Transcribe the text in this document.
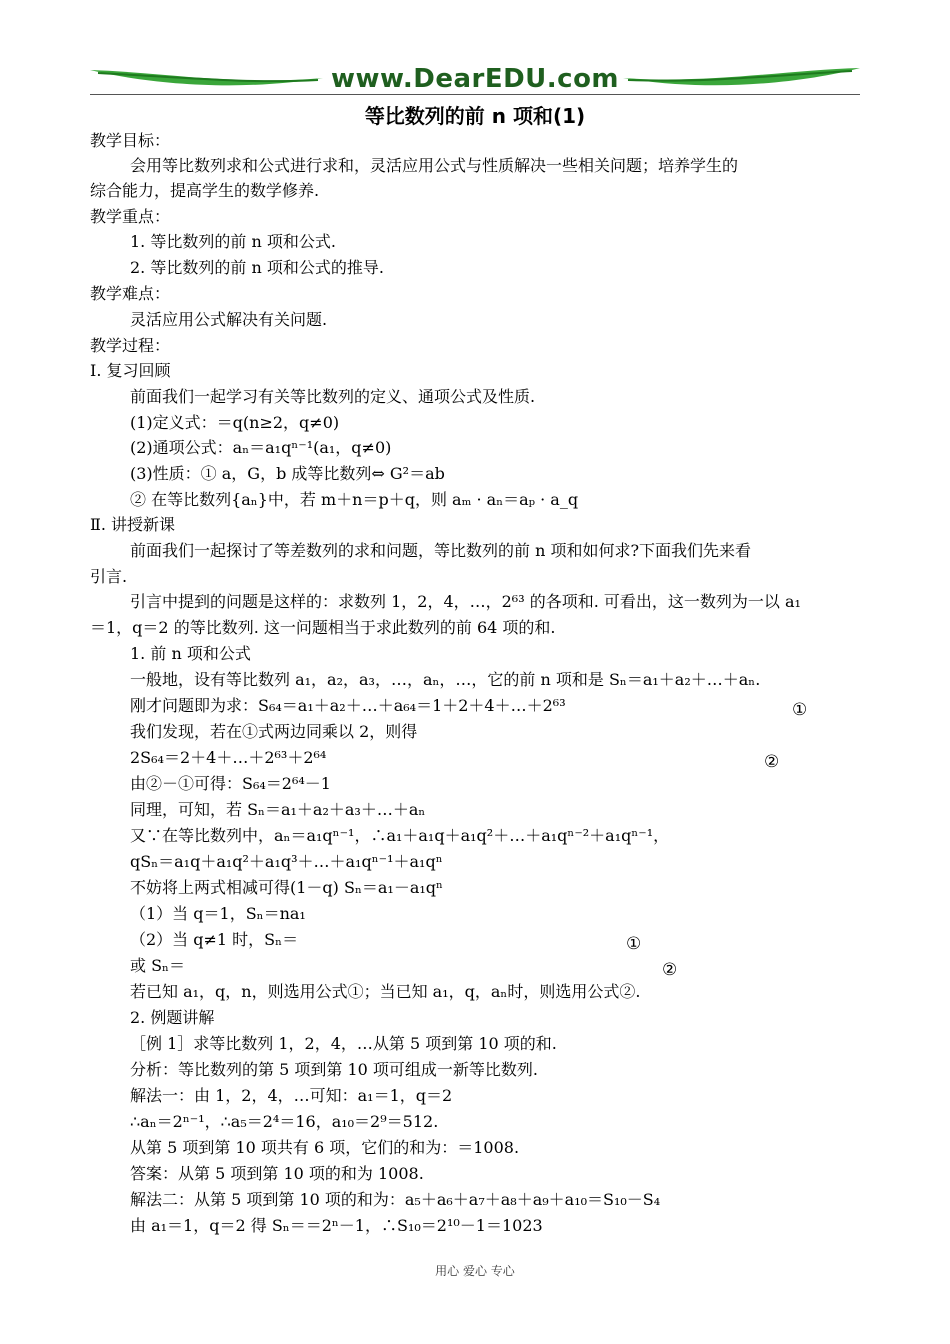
www.DearEDU.com
等比数列的前 n 项和(1)
教学目标：
会用等比数列求和公式进行求和，灵活应用公式与性质解决一些相关问题；培养学生的
综合能力，提高学生的数学修养.
教学重点：
1. 等比数列的前 n 项和公式.
2. 等比数列的前 n 项和公式的推导.
教学难点：
灵活应用公式解决有关问题.
教学过程：
Ⅰ. 复习回顾
前面我们一起学习有关等比数列的定义、通项公式及性质.
(1)定义式：＝q(n≥2，q≠0)
(2)通项公式：aₙ＝a₁qⁿ⁻¹(a₁，q≠0)
(3)性质：① a，G，b 成等比数列⇔ G²＝ab
② 在等比数列{aₙ}中，若 m＋n＝p＋q，则 aₘ · aₙ＝aₚ · a_q
Ⅱ. 讲授新课
前面我们一起探讨了等差数列的求和问题，等比数列的前 n 项和如何求?下面我们先来看
引言.
引言中提到的问题是这样的：求数列 1，2，4，…，2⁶³ 的各项和. 可看出，这一数列为一以 a₁
＝1，q＝2 的等比数列. 这一问题相当于求此数列的前 64 项的和.
1. 前 n 项和公式
一般地，设有等比数列 a₁，a₂，a₃，…，aₙ，…，它的前 n 项和是 Sₙ＝a₁＋a₂＋…＋aₙ.
刚才问题即为求：S₆₄＝a₁＋a₂＋…＋a₆₄＝1＋2＋4＋…＋2⁶³
我们发现，若在①式两边同乘以 2，则得
2S₆₄＝2＋4＋…＋2⁶³＋2⁶⁴
由②－①可得：S₆₄＝2⁶⁴－1
同理，可知，若 Sₙ＝a₁＋a₂＋a₃＋…＋aₙ
又∵在等比数列中，aₙ＝a₁qⁿ⁻¹，∴a₁＋a₁q＋a₁q²＋…＋a₁qⁿ⁻²＋a₁qⁿ⁻¹，
qSₙ＝a₁q＋a₁q²＋a₁q³＋…＋a₁qⁿ⁻¹＋a₁qⁿ
不妨将上两式相减可得(1－q) Sₙ＝a₁－a₁qⁿ
（1）当 q＝1，Sₙ＝na₁
（2）当 q≠1 时，Sₙ＝
或 Sₙ＝
若已知 a₁，q，n，则选用公式①；当已知 a₁，q，aₙ时，则选用公式②.
2. 例题讲解
［例 1］求等比数列 1，2，4，…从第 5 项到第 10 项的和.
分析：等比数列的第 5 项到第 10 项可组成一新等比数列.
解法一：由 1，2，4，…可知：a₁＝1，q＝2
∴aₙ＝2ⁿ⁻¹，∴a₅＝2⁴＝16，a₁₀＝2⁹＝512.
从第 5 项到第 10 项共有 6 项，它们的和为：＝1008.
答案：从第 5 项到第 10 项的和为 1008.
解法二：从第 5 项到第 10 项的和为：a₅＋a₆＋a₇＋a₈＋a₉＋a₁₀＝S₁₀－S₄
由 a₁＝1，q＝2 得 Sₙ＝＝2ⁿ－1，∴S₁₀＝2¹⁰－1＝1023
①
②
①
②
用心 爱心 专心
